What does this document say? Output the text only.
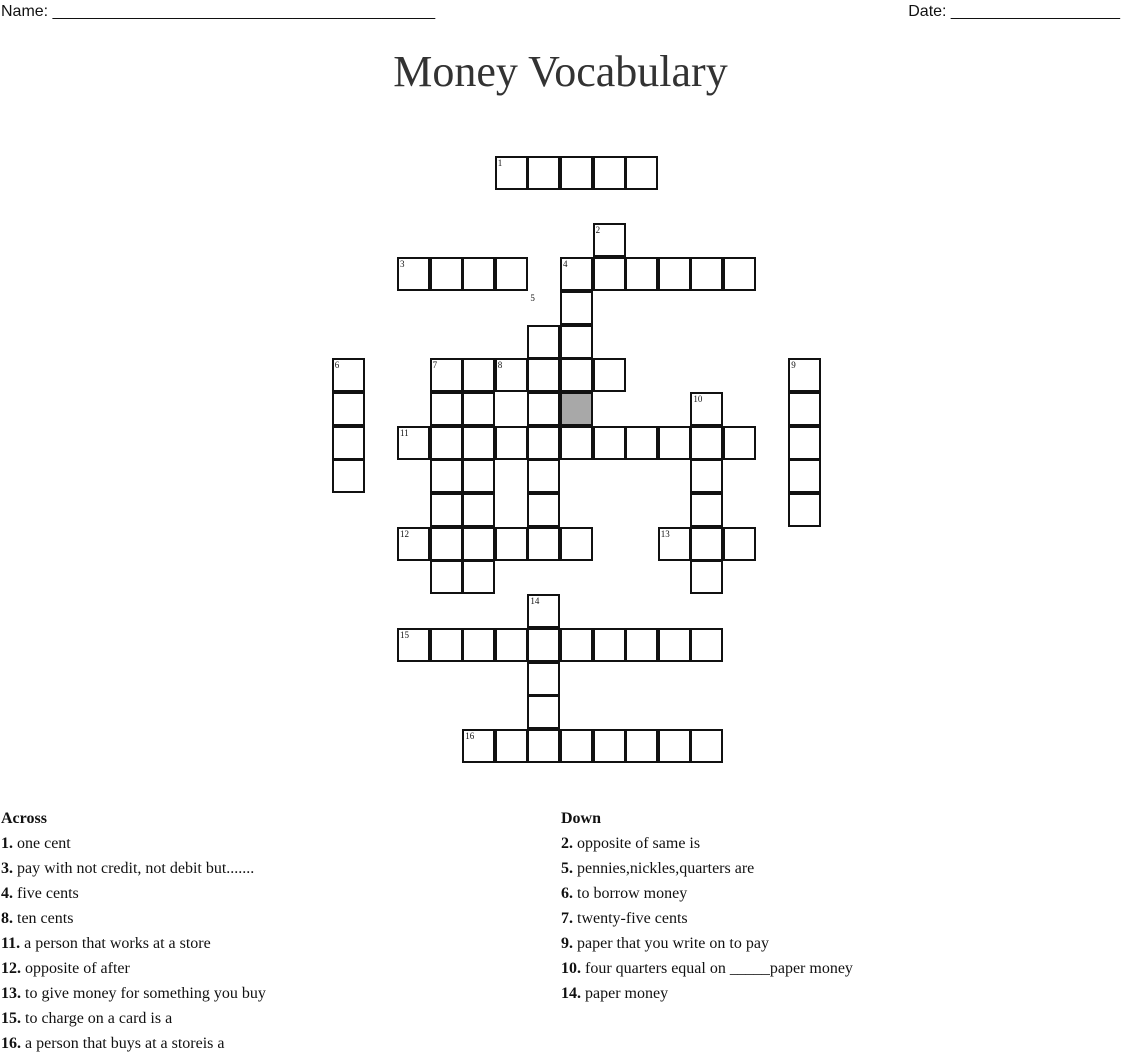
Name: ___________________________________________	Date: ___________________
Money Vocabulary
1
2
3	4
5
6	7	8	9
10
11
12	13
14
15
16
Across
1. one cent
3. pay with not credit, not debit but.......
4. five cents
8. ten cents
11. a person that works at a store
12. opposite of after
13. to give money for something you buy
15. to charge on a card is a
16. a person that buys at a storeis a
Down
2. opposite of same is
5. pennies,nickles,quarters are
6. to borrow money
7. twenty-five cents
9. paper that you write on to pay
10. four quarters equal on _____paper money
14. paper money
